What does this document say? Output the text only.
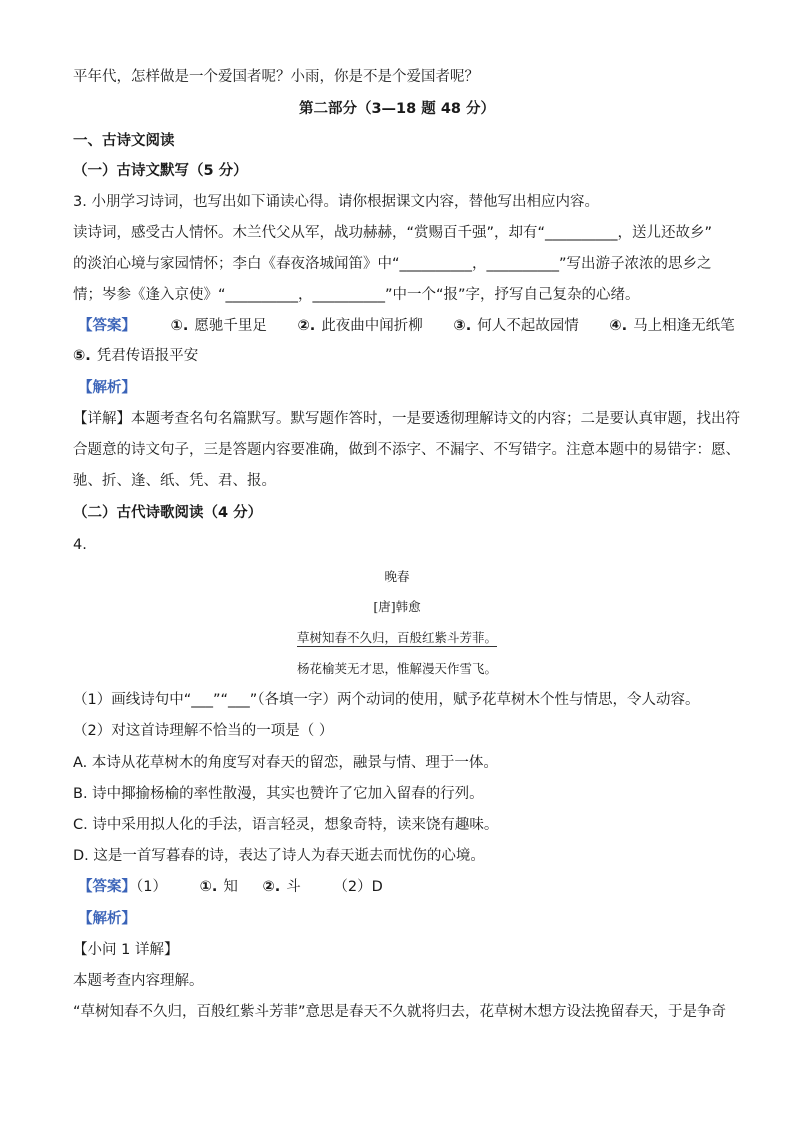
平年代，怎样做是一个爱国者呢？小雨，你是不是个爱国者呢？
第二部分（3—18 题 48 分）
一、古诗文阅读
（一）古诗文默写（5 分）
3. 小朋学习诗词，也写出如下诵读心得。请你根据课文内容，替他写出相应内容。
读诗词，感受古人情怀。木兰代父从军，战功赫赫，“赏赐百千强”，却有“__________，送儿还故乡”
的淡泊心境与家园情怀；李白《春夜洛城闻笛》中“__________，__________”写出游子浓浓的思乡之
情；岑参《逢入京使》“__________，__________”中一个“报”字，抒写自己复杂的心绪。
【答案】 ①. 愿驰千里足 ②. 此夜曲中闻折柳 ③. 何人不起故园情 ④. 马上相逢无纸笔
⑤. 凭君传语报平安
【解析】
【详解】本题考查名句名篇默写。默写题作答时，一是要透彻理解诗文的内容；二是要认真审题，找出符
合题意的诗文句子，三是答题内容要准确，做到不添字、不漏字、不写错字。注意本题中的易错字：愿、
驰、折、逢、纸、凭、君、报。
（二）古代诗歌阅读（4 分）
4.
晚春
[唐]韩愈
草树知春不久归，百般红紫斗芳菲。
杨花榆荚无才思，惟解漫天作雪飞。
（1）画线诗句中“___”“___”（各填一字）两个动词的使用，赋予花草树木个性与情思，令人动容。
（2）对这首诗理解不恰当的一项是（ ）
A. 本诗从花草树木的角度写对春天的留恋，融景与情、理于一体。
B. 诗中揶揄杨榆的率性散漫，其实也赞许了它加入留春的行列。
C. 诗中采用拟人化的手法，语言轻灵，想象奇特，读来饶有趣味。
D. 这是一首写暮春的诗，表达了诗人为春天逝去而忧伤的心境。
【答案】（1） ①. 知 ②. 斗 （2）D
【解析】
【小问 1 详解】
本题考查内容理解。
“草树知春不久归，百般红紫斗芳菲”意思是春天不久就将归去，花草树木想方设法挽留春天，于是争奇
